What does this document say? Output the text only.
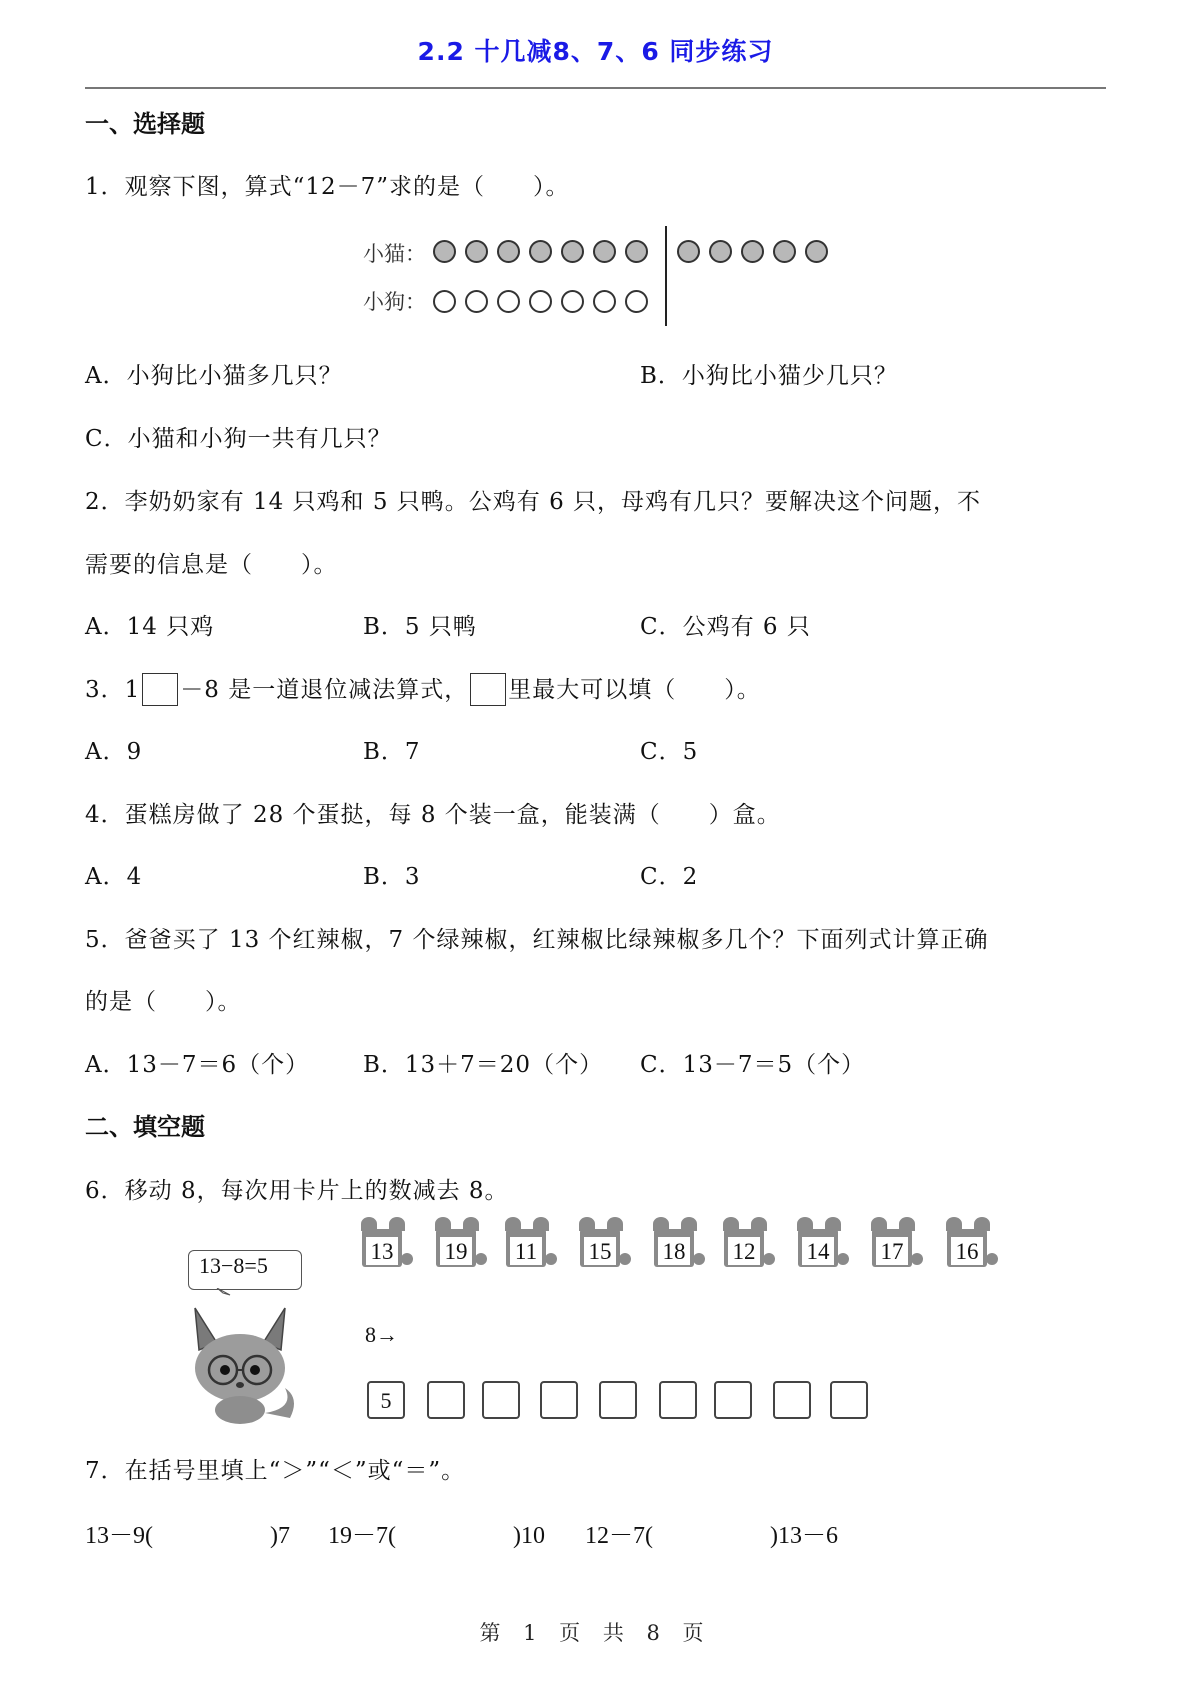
2.2 十几减8、7、6 同步练习
一、选择题
1．观察下图，算式“12－7”求的是（　　）。
小猫：
小狗：
A．小狗比小猫多几只？	B．小狗比小猫少几只？
C．小猫和小狗一共有几只？
2．李奶奶家有 14 只鸡和 5 只鸭。公鸡有 6 只，母鸡有几只？要解决这个问题，不
需要的信息是（　　）。
A．14 只鸡	B．5 只鸭	C．公鸡有 6 只
3．1 －8 是一道退位减法算式， 里最大可以填（　　）。
A．9	B．7	C．5
4．蛋糕房做了 28 个蛋挞，每 8 个装一盒，能装满（　　）盒。
A．4	B．3	C．2
5．爸爸买了 13 个红辣椒，7 个绿辣椒，红辣椒比绿辣椒多几个？下面列式计算正确
的是（　　）。
A．13－7＝6（个） B．13＋7＝20（个） C．13－7＝5（个）
二、填空题
6．移动 8，每次用卡片上的数减去 8。
13−8=5
13 19 11 15 18 12 14 17 16
8→
5
7．在括号里填上“＞”“＜”或“＝”。
13－9(	)7 19－7(	)10 12－7(	)13－6
第 1 页 共 8 页
